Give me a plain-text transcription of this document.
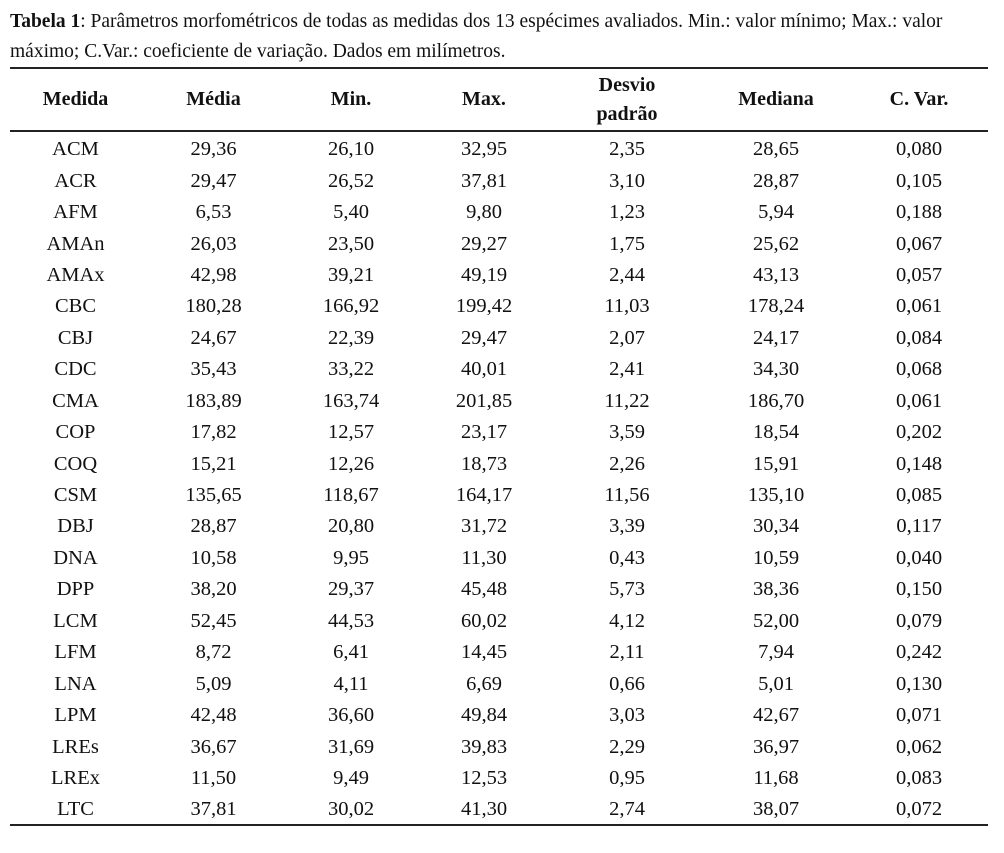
Tabela 1: Parâmetros morfométricos de todas as medidas dos 13 espécimes avaliados. Min.: valor mínimo; Max.: valor máximo; C.Var.: coeficiente de variação. Dados em milímetros.
Medida	Média	Min.	Max.	Desvio padrão	Mediana	C. Var.
ACM	29,36	26,10	32,95	2,35	28,65	0,080
ACR	29,47	26,52	37,81	3,10	28,87	0,105
AFM	6,53	5,40	9,80	1,23	5,94	0,188
AMAn	26,03	23,50	29,27	1,75	25,62	0,067
AMAx	42,98	39,21	49,19	2,44	43,13	0,057
CBC	180,28	166,92	199,42	11,03	178,24	0,061
CBJ	24,67	22,39	29,47	2,07	24,17	0,084
CDC	35,43	33,22	40,01	2,41	34,30	0,068
CMA	183,89	163,74	201,85	11,22	186,70	0,061
COP	17,82	12,57	23,17	3,59	18,54	0,202
COQ	15,21	12,26	18,73	2,26	15,91	0,148
CSM	135,65	118,67	164,17	11,56	135,10	0,085
DBJ	28,87	20,80	31,72	3,39	30,34	0,117
DNA	10,58	9,95	11,30	0,43	10,59	0,040
DPP	38,20	29,37	45,48	5,73	38,36	0,150
LCM	52,45	44,53	60,02	4,12	52,00	0,079
LFM	8,72	6,41	14,45	2,11	7,94	0,242
LNA	5,09	4,11	6,69	0,66	5,01	0,130
LPM	42,48	36,60	49,84	3,03	42,67	0,071
LREs	36,67	31,69	39,83	2,29	36,97	0,062
LREx	11,50	9,49	12,53	0,95	11,68	0,083
LTC	37,81	30,02	41,30	2,74	38,07	0,072
